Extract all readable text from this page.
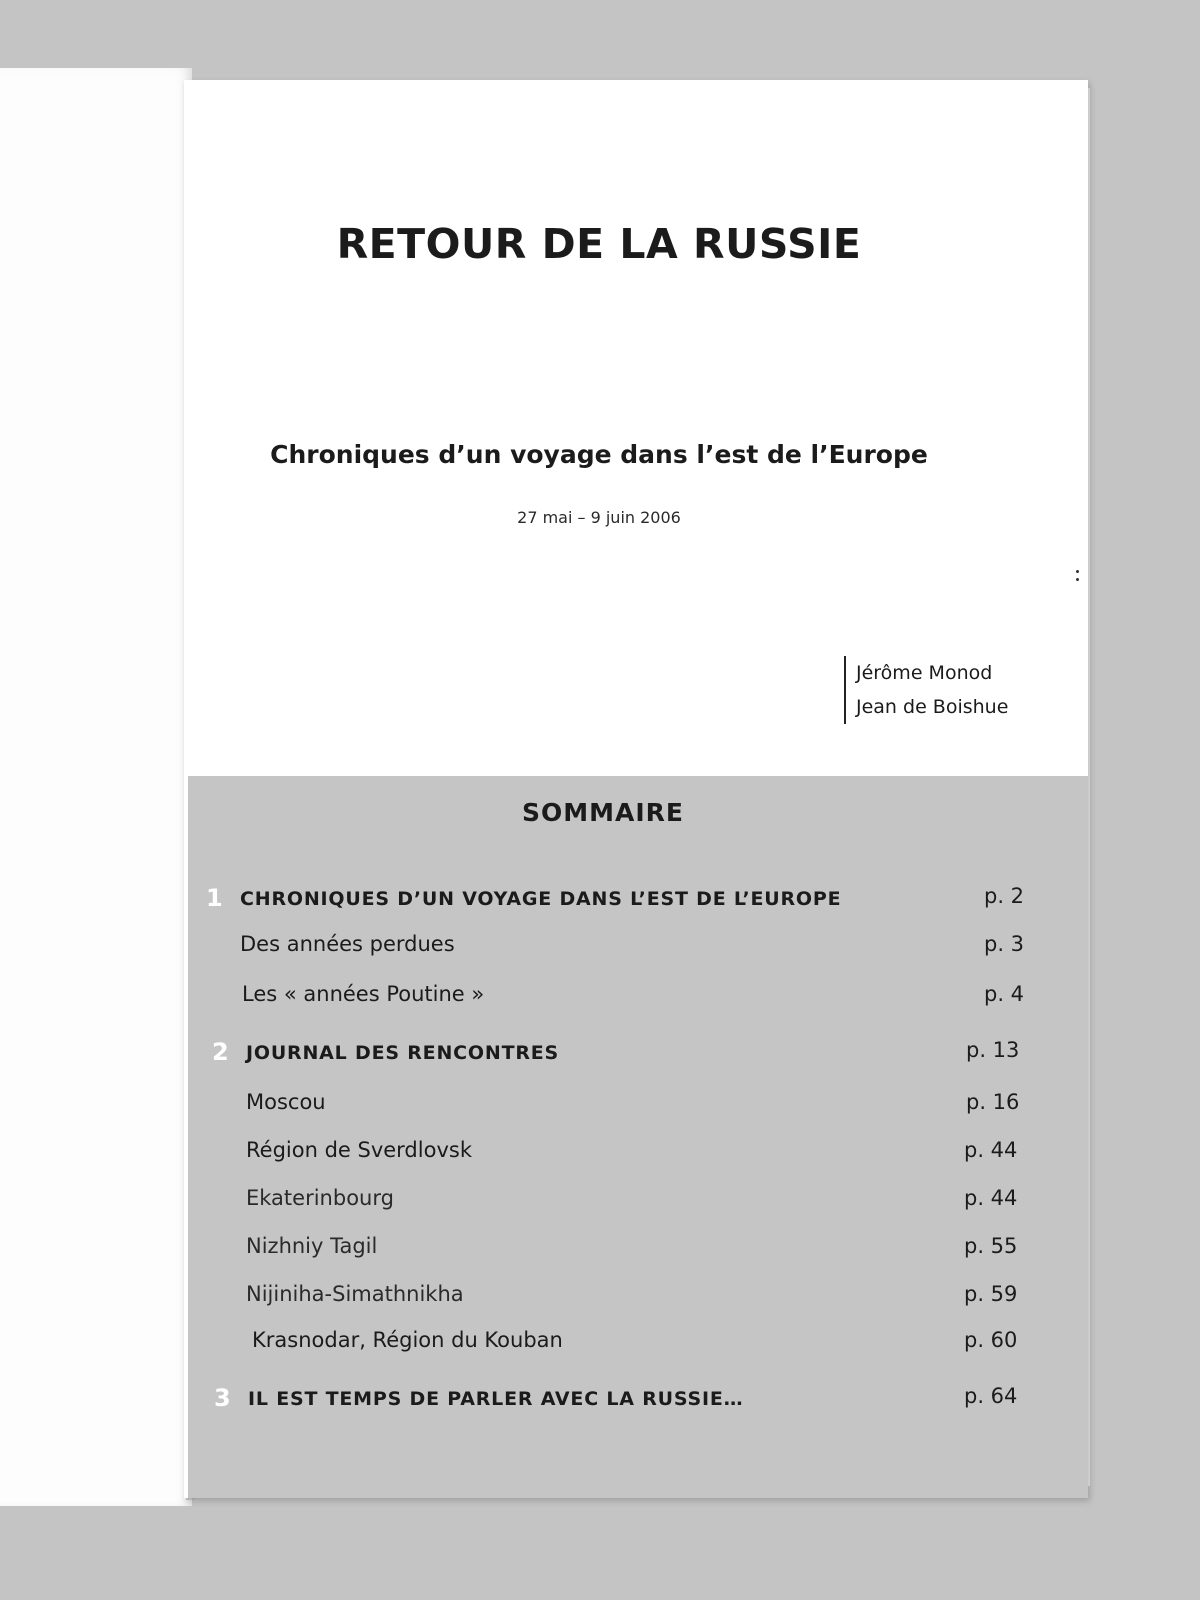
RETOUR DE LA RUSSIE
Chroniques d’un voyage dans l’est de l’Europe
27 mai – 9 juin 2006
Jérôme Monod
Jean de Boishue
SOMMAIRE
1 CHRONIQUES D’UN VOYAGE DANS L’EST DE L’EUROPE	p. 2
Des années perdues	p. 3
Les « années Poutine »	p. 4
2 JOURNAL DES RENCONTRES	p. 13
Moscou	p. 16
Région de Sverdlovsk	p. 44
Ekaterinbourg	p. 44
Nizhniy Tagil	p. 55
Nijiniha-Simathnikha	p. 59
Krasnodar, Région du Kouban	p. 60
3 IL EST TEMPS DE PARLER AVEC LA RUSSIE…	p. 64
